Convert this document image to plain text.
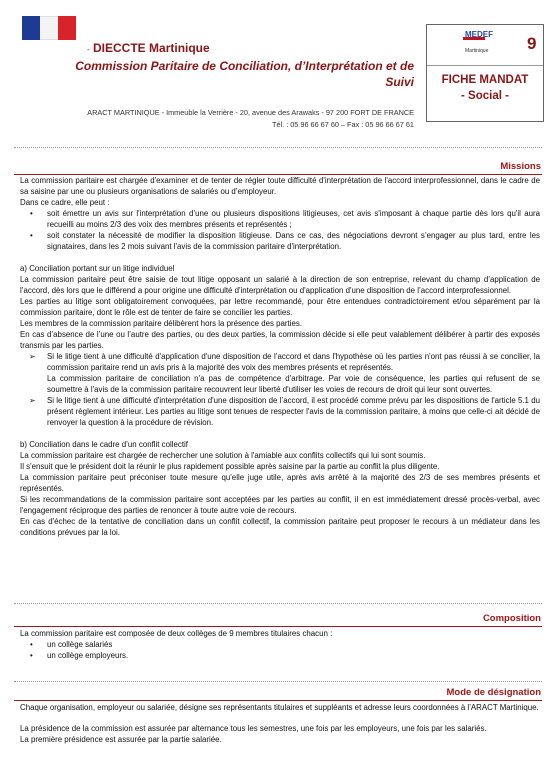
- DIECCTE Martinique
Commission Paritaire de Conciliation, d’Interprétation et de
Suivi
ARACT MARTINIQUE - Immeuble la Verrière - 20, avenue des Arawaks - 97 200 FORT DE FRANCE
Tél. : 05 96 66 67 60 – Fax : 05 96 66 67 61
MEDEF
Martinique 9
FICHE MANDAT
- Social -
Missions

La commission paritaire est chargée d'examiner et de tenter de régler toute difficulté d'interprétation de l'accord interprofessionnel, dans le cadre de sa saisine par une ou plusieurs organisations de salariés ou d’employeur.

Dans ce cadre, elle peut :

• soit émettre un avis sur l'interprétation d’une ou plusieurs dispositions litigieuses, cet avis s'imposant à chaque partie dès lors qu'il aura recueilli au moins 2/3 des voix des membres présents et représentés ;

• soit constater la nécessité de modifier la disposition litigieuse. Dans ce cas, des négociations devront s’engager au plus tard, entre les signataires, dans les 2 mois suivant l'avis de la commission paritaire d'interprétation.

a) Conciliation portant sur un litige individuel

La commission paritaire peut être saisie de tout litige opposant un salarié à la direction de son entreprise, relevant du champ d’application de l’accord, dès lors que le différend a pour origine une difficulté d'interprétation ou d'application d'une disposition de l’accord interprofessionnel.

Les parties au litige sont obligatoirement convoquées, par lettre recommandé, pour être entendues contradictoirement et/ou séparément par la commission paritaire, dont le rôle est de tenter de faire se concilier les parties.

Les membres de la commission paritaire délibèrent hors la présence des parties.

En cas d’absence de l’une ou l’autre des parties, ou des deux parties, la commission décide si elle peut valablement délibérer à partir des exposés transmis par les parties.

➢ Si le litige tient à une difficulté d'application d'une disposition de l’accord et dans l'hypothèse où les parties n'ont pas réussi à se concilier, la commission paritaire rend un avis pris à la majorité des voix des membres présents et représentés.

La commission paritaire de conciliation n'a pas de compétence d'arbitrage. Par voie de conséquence, les parties qui refusent de se soumettre à l'avis de la commission paritaire recouvrent leur liberté d'utiliser les voies de recours de droit qui leur sont ouvertes.

➢ Si le litige tient à une difficulté d'interprétation d'une disposition de l’accord, il est procédé comme prévu par les dispositions de l'article 5.1 du présent règlement intérieur. Les parties au litige sont tenues de respecter l'avis de la commission paritaire, à moins que celle-ci ait décidé de renvoyer la question à la procédure de révision.

b) Conciliation dans le cadre d’un conflit collectif

La commission paritaire est chargée de rechercher une solution à l'amiable aux conflits collectifs qui lui sont soumis.

Il s'ensuit que le président doit la réunir le plus rapidement possible après saisine par la partie au conflit la plus diligente.

La commission paritaire peut préconiser toute mesure qu'elle juge utile, après avis arrêté à la majorité des 2/3 de ses membres présents et représentés.

Si les recommandations de la commission paritaire sont acceptées par les parties au conflit, il en est immédiatement dressé procès-verbal, avec l'engagement réciproque des parties de renoncer à toute autre voie de recours.

En cas d'échec de la tentative de conciliation dans un conflit collectif, la commission paritaire peut proposer le recours à un médiateur dans les conditions prévues par la loi.

Composition

La commission paritaire est composée de deux collèges de 9 membres titulaires chacun :

• un collège salariés

• un collège employeurs.

Mode de désignation

Chaque organisation, employeur ou salariée, désigne ses représentants titulaires et suppléants et adresse leurs coordonnées à l’ARACT Martinique.

La présidence de la commission est assurée par alternance tous les semestres, une fois par les employeurs, une fois par les salariés.

La première présidence est assurée par la partie salariée.
